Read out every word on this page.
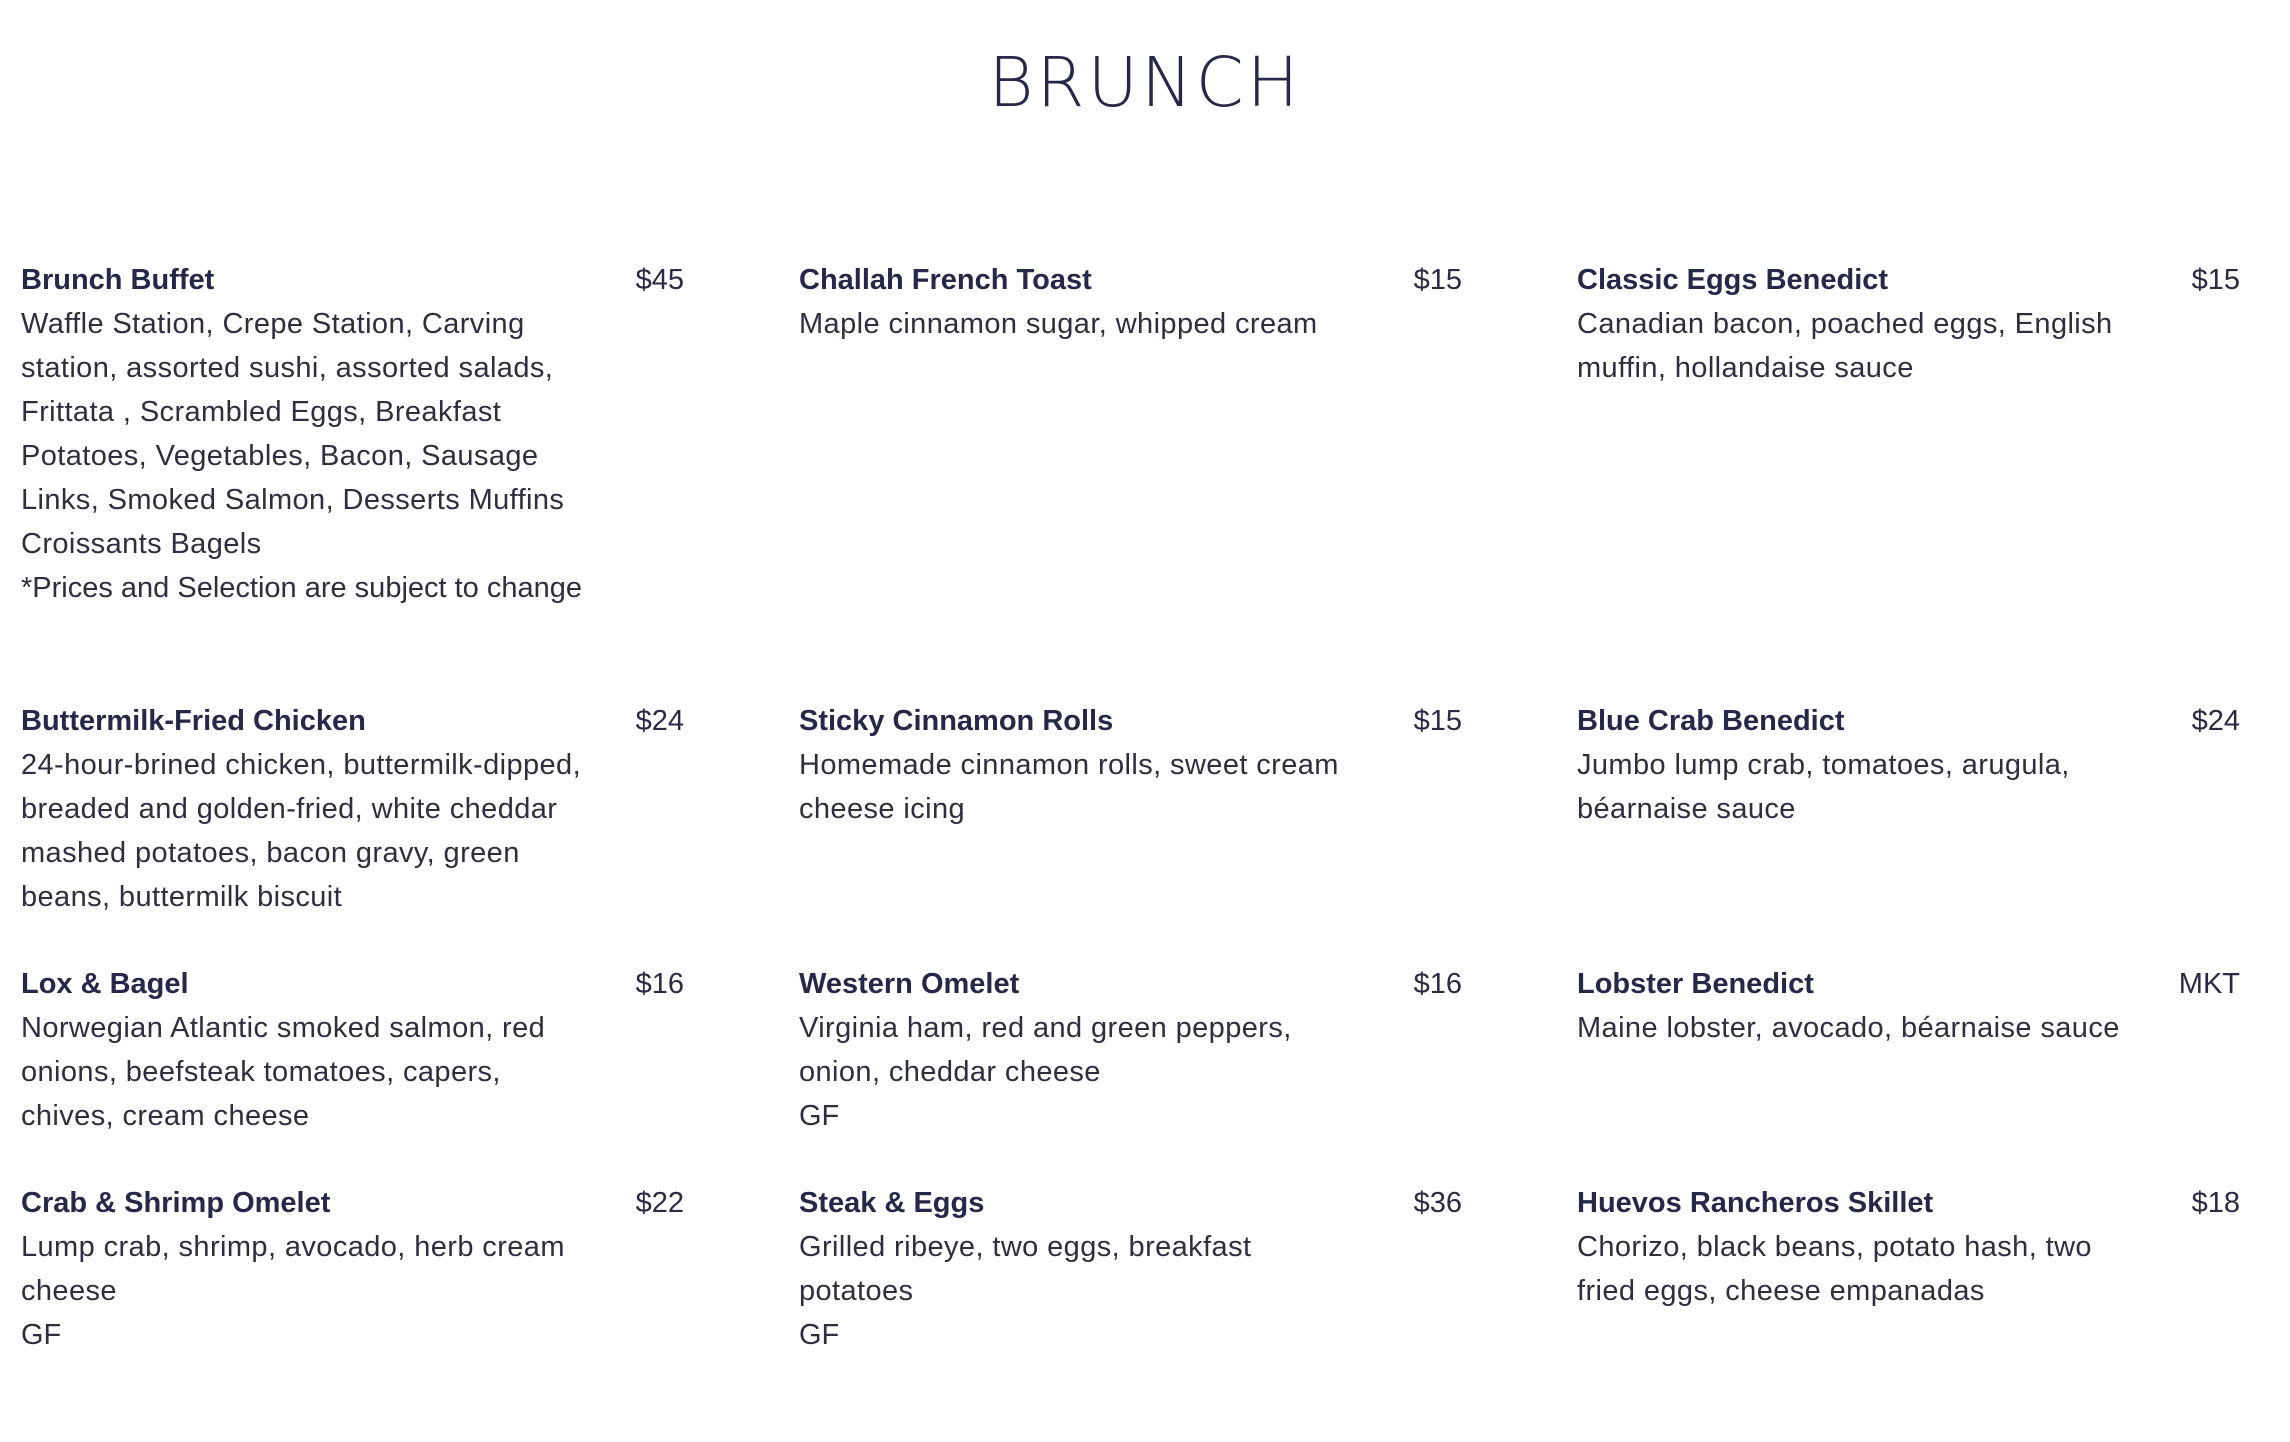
BRUNCH
Brunch Buffet	$45
Waffle Station, Crepe Station, Carving station, assorted sushi, assorted salads, Frittata , Scrambled Eggs, Breakfast Potatoes, Vegetables, Bacon, Sausage Links, Smoked Salmon, Desserts Muffins Croissants Bagels
*Prices and Selection are subject to change
Challah French Toast	$15
Maple cinnamon sugar, whipped cream
Classic Eggs Benedict	$15
Canadian bacon, poached eggs, English muffin, hollandaise sauce
Buttermilk-Fried Chicken	$24
24-hour-brined chicken, buttermilk-dipped, breaded and golden-fried, white cheddar mashed potatoes, bacon gravy, green beans, buttermilk biscuit
Sticky Cinnamon Rolls	$15
Homemade cinnamon rolls, sweet cream cheese icing
Blue Crab Benedict	$24
Jumbo lump crab, tomatoes, arugula, béarnaise sauce
Lox & Bagel	$16
Norwegian Atlantic smoked salmon, red onions, beefsteak tomatoes, capers, chives, cream cheese
Western Omelet	$16
Virginia ham, red and green peppers, onion, cheddar cheese
GF
Lobster Benedict	MKT
Maine lobster, avocado, béarnaise sauce
Crab & Shrimp Omelet	$22
Lump crab, shrimp, avocado, herb cream cheese
GF
Steak & Eggs	$36
Grilled ribeye, two eggs, breakfast potatoes
GF
Huevos Rancheros Skillet	$18
Chorizo, black beans, potato hash, two fried eggs, cheese empanadas
